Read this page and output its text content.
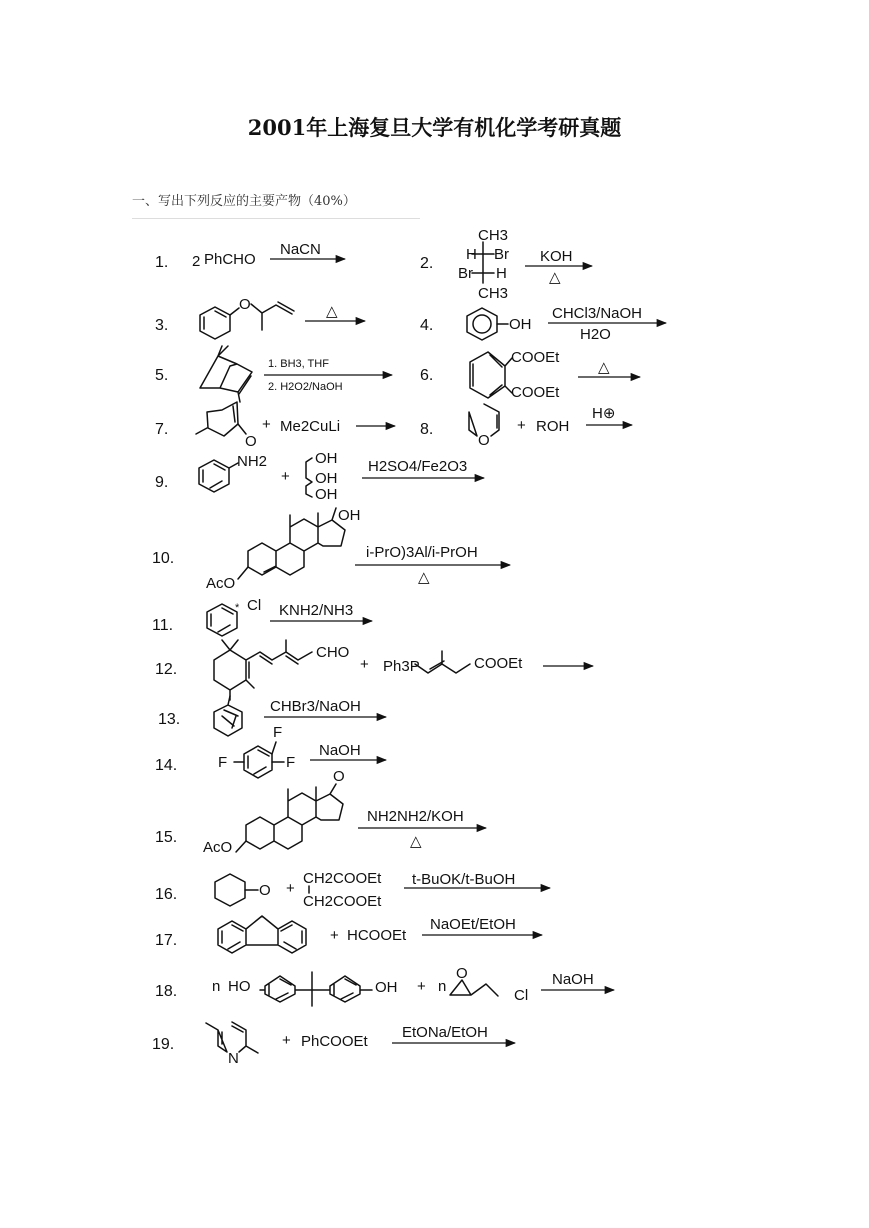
2001年上海复旦大学有机化学考研真题
一、写出下列反应的主要产物（40%）
1. 2 PhCHO
NaCN
2.
CH3
H Br
Br H
CH3
KOH
△
3.
O	△
4.	OH
CHCl3/NaOH
H2O
5.
1. BH3, THF
2. H2O2/NaOH
6.
COOEt
COOEt
△
7.
O
+ Me2CuLi	8.
O
+ ROH
H⊕
9.
NH2
+
OH
OH
OH
H2SO4/Fe2O3
10.
OH
AcO
i-PrO)3Al/i-PrOH
△
11.
* Cl KNH2/NH3
12.
CHO
+ Ph3P	COOEt
13.
CHBr3/NaOH
14.
F
F	F
NaOH
15.
O
AcO
NH2NH2/KOH
△
16.	O +
CH2COOEt
CH2COOEt
t-BuOK/t-BuOH
17.	+ HCOOEt
NaOEt/EtOH
18. n HO	OH + n
O
Cl
NaOH
19.
N
+ PhCOOEt
EtONa/EtOH
